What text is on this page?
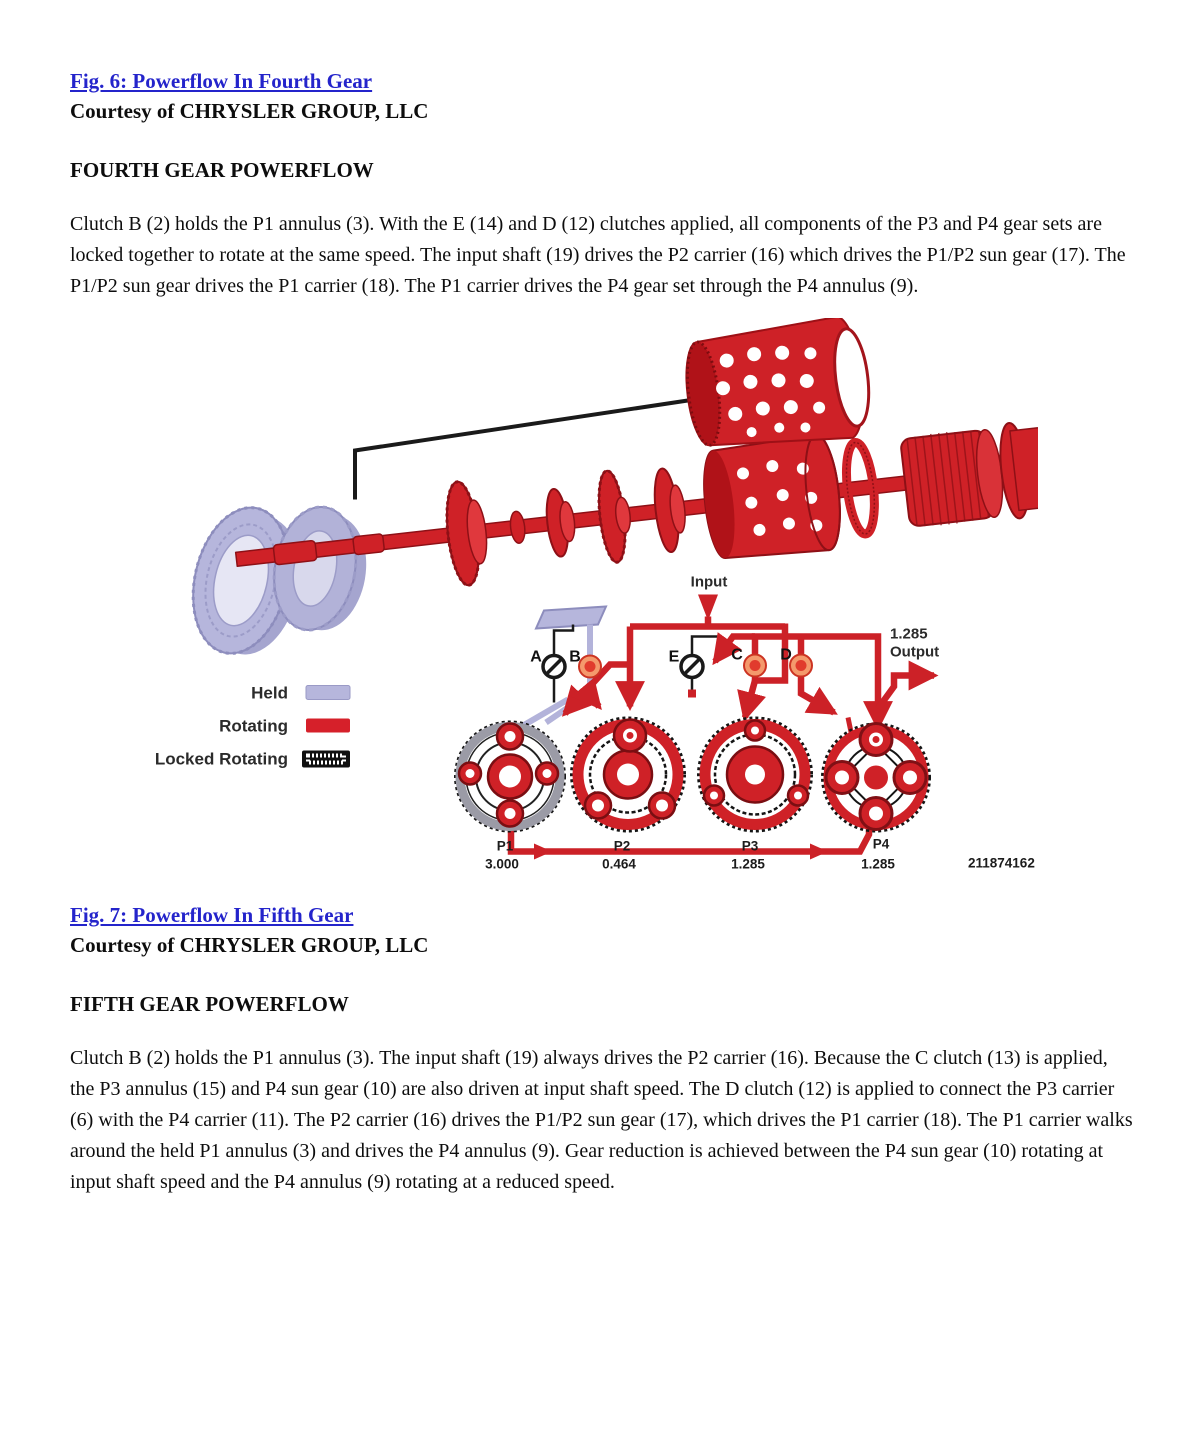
Fig. 6: Powerflow In Fourth Gear
Courtesy of CHRYSLER GROUP, LLC
FOURTH GEAR POWERFLOW

Clutch B (2) holds the P1 annulus (3). With the E (14) and D (12) clutches applied, all components of the P3 and P4 gear sets are locked together to rotate at the same speed. The input shaft (19) drives the P2 carrier (16) which drives the P1/P2 sun gear (17). The P1/P2 sun gear drives the P1 carrier (18). The P1 carrier drives the P4 gear set through the P4 annulus (9).

Held
Rotating
Locked Rotating
A B	E	C D
Input
1.285
Output
P1
3.000
P2
0.464
P3
1.285
P4
1.285	211874162
Fig. 7: Powerflow In Fifth Gear
Courtesy of CHRYSLER GROUP, LLC
FIFTH GEAR POWERFLOW

Clutch B (2) holds the P1 annulus (3). The input shaft (19) always drives the P2 carrier (16). Because the C clutch (13) is applied, the P3 annulus (15) and P4 sun gear (10) are also driven at input shaft speed. The D clutch (12) is applied to connect the P3 carrier (6) with the P4 carrier (11). The P2 carrier (16) drives the P1/P2 sun gear (17), which drives the P1 carrier (18). The P1 carrier walks around the held P1 annulus (3) and drives the P4 annulus (9). Gear reduction is achieved between the P4 sun gear (10) rotating at input shaft speed and the P4 annulus (9) rotating at a reduced speed.
